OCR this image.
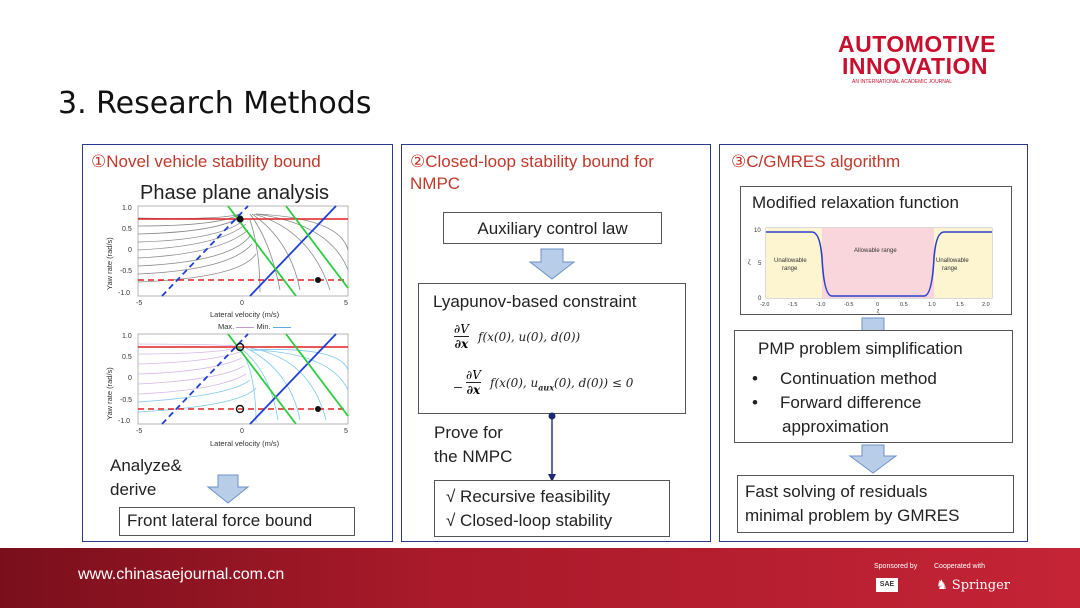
AUTOMOTIVE
INNOVATION
AN INTERNATIONAL ACADEMIC JOURNAL
3. Research Methods
①Novel vehicle stability bound
Phase plane analysis
1.0
0.5
0
-0.5
-1.0
-5	0	5
Lateral velocity (m/s)
Yaw rate (rad/s)
Max.	Min.
1.0
0.5
0
-0.5
-1.0
-5	0	5
Lateral velocity (m/s)
Yaw rate (rad/s)
Analyze&
derive
Front lateral force bound
②Closed-loop stability bound for
NMPC
Auxiliary control law
Lyapunov-based constraint
∂V
∂x f(x(0), u(0), d(0))
–
∂V
∂x f(x(0), $u_{aux}(0)$, d(0)) ≤ 0
Prove for
the NMPC
√ Recursive feasibility
√ Closed-loop stability
③C/GMRES algorithm
Modified relaxation function
Allowable range
Unallowable
range
Unallowable
range
10
5
0
ζ
-2.0	-1.5	-1.0	-0.5	0	0.5	1.0	1.5	2.0
ξ
PMP problem simplification
• Continuation method
• Forward difference
approximation
Fast solving of residuals
minimal problem by GMRES
www.chinasaejournal.com.cn	Sponsored by Cooperated with
SAE	♞ Springer
